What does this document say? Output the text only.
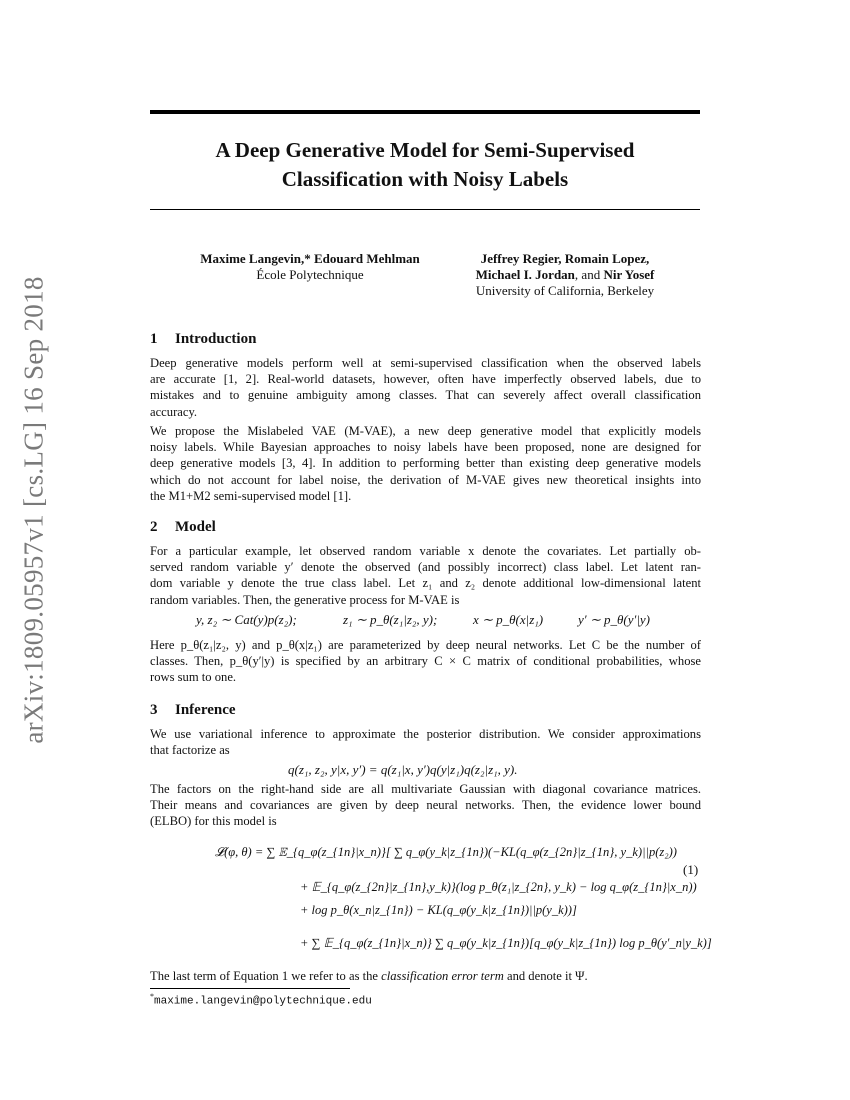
arXiv:1809.05957v1 [cs.LG] 16 Sep 2018
A Deep Generative Model for Semi-Supervised
Classification with Noisy Labels
Maxime Langevin,* Edouard Mehlman
École Polytechnique
Jeffrey Regier, Romain Lopez,
Michael I. Jordan, and Nir Yosef
University of California, Berkeley
1 Introduction
Deep generative models perform well at semi-supervised classification when the observed labels
are accurate [1, 2]. Real-world datasets, however, often have imperfectly observed labels, due to
mistakes and to genuine ambiguity among classes. That can severely affect overall classification
accuracy.
We propose the Mislabeled VAE (M-VAE), a new deep generative model that explicitly models
noisy labels. While Bayesian approaches to noisy labels have been proposed, none are designed for
deep generative models [3, 4]. In addition to performing better than existing deep generative models
which do not account for label noise, the derivation of M-VAE gives new theoretical insights into
the M1+M2 semi-supervised model [1].
2 Model
For a particular example, let observed random variable x denote the covariates. Let partially ob-
served random variable y′ denote the observed (and possibly incorrect) class label. Let latent ran-
dom variable y denote the true class label. Let z₁ and z₂ denote additional low-dimensional latent
random variables. Then, the generative process for M-VAE is
y, z₂ ∼ Cat(y)p(z₂);	z₁ ∼ p_θ(z₁|z₂, y);	x ∼ p_θ(x|z₁)	y′ ∼ p_θ(y′|y)
Here p_θ(z₁|z₂, y) and p_θ(x|z₁) are parameterized by deep neural networks. Let C be the number of
classes. Then, p_θ(y′|y) is specified by an arbitrary C × C matrix of conditional probabilities, whose
rows sum to one.
3 Inference
We use variational inference to approximate the posterior distribution. We consider approximations
that factorize as
q(z₁, z₂, y|x, y′) = q(z₁|x, y′)q(y|z₁)q(z₂|z₁, y).
The factors on the right-hand side are all multivariate Gaussian with diagonal covariance matrices.
Their means and covariances are given by deep neural networks. Then, the evidence lower bound
(ELBO) for this model is
𝓛(φ, θ) = ∑ 𝔼_{q_φ(z_{1n}|x_n)}[ ∑ q_φ(y_k|z_{1n})(−KL(q_φ(z_{2n}|z_{1n}, y_k)||p(z₂))
+ 𝔼_{q_φ(z_{2n}|z_{1n},y_k)}(log p_θ(z₁|z_{2n}, y_k) − log q_φ(z_{1n}|x_n))
+ log p_θ(x_n|z_{1n}) − KL(q_φ(y_k|z_{1n})||p(y_k))]
+ ∑ 𝔼_{q_φ(z_{1n}|x_n)} ∑ q_φ(y_k|z_{1n})[q_φ(y_k|z_{1n}) log p_θ(y′_n|y_k)]
(1)
The last term of Equation 1 we refer to as the classification error term and denote it Ψ.
*maxime.langevin@polytechnique.edu
